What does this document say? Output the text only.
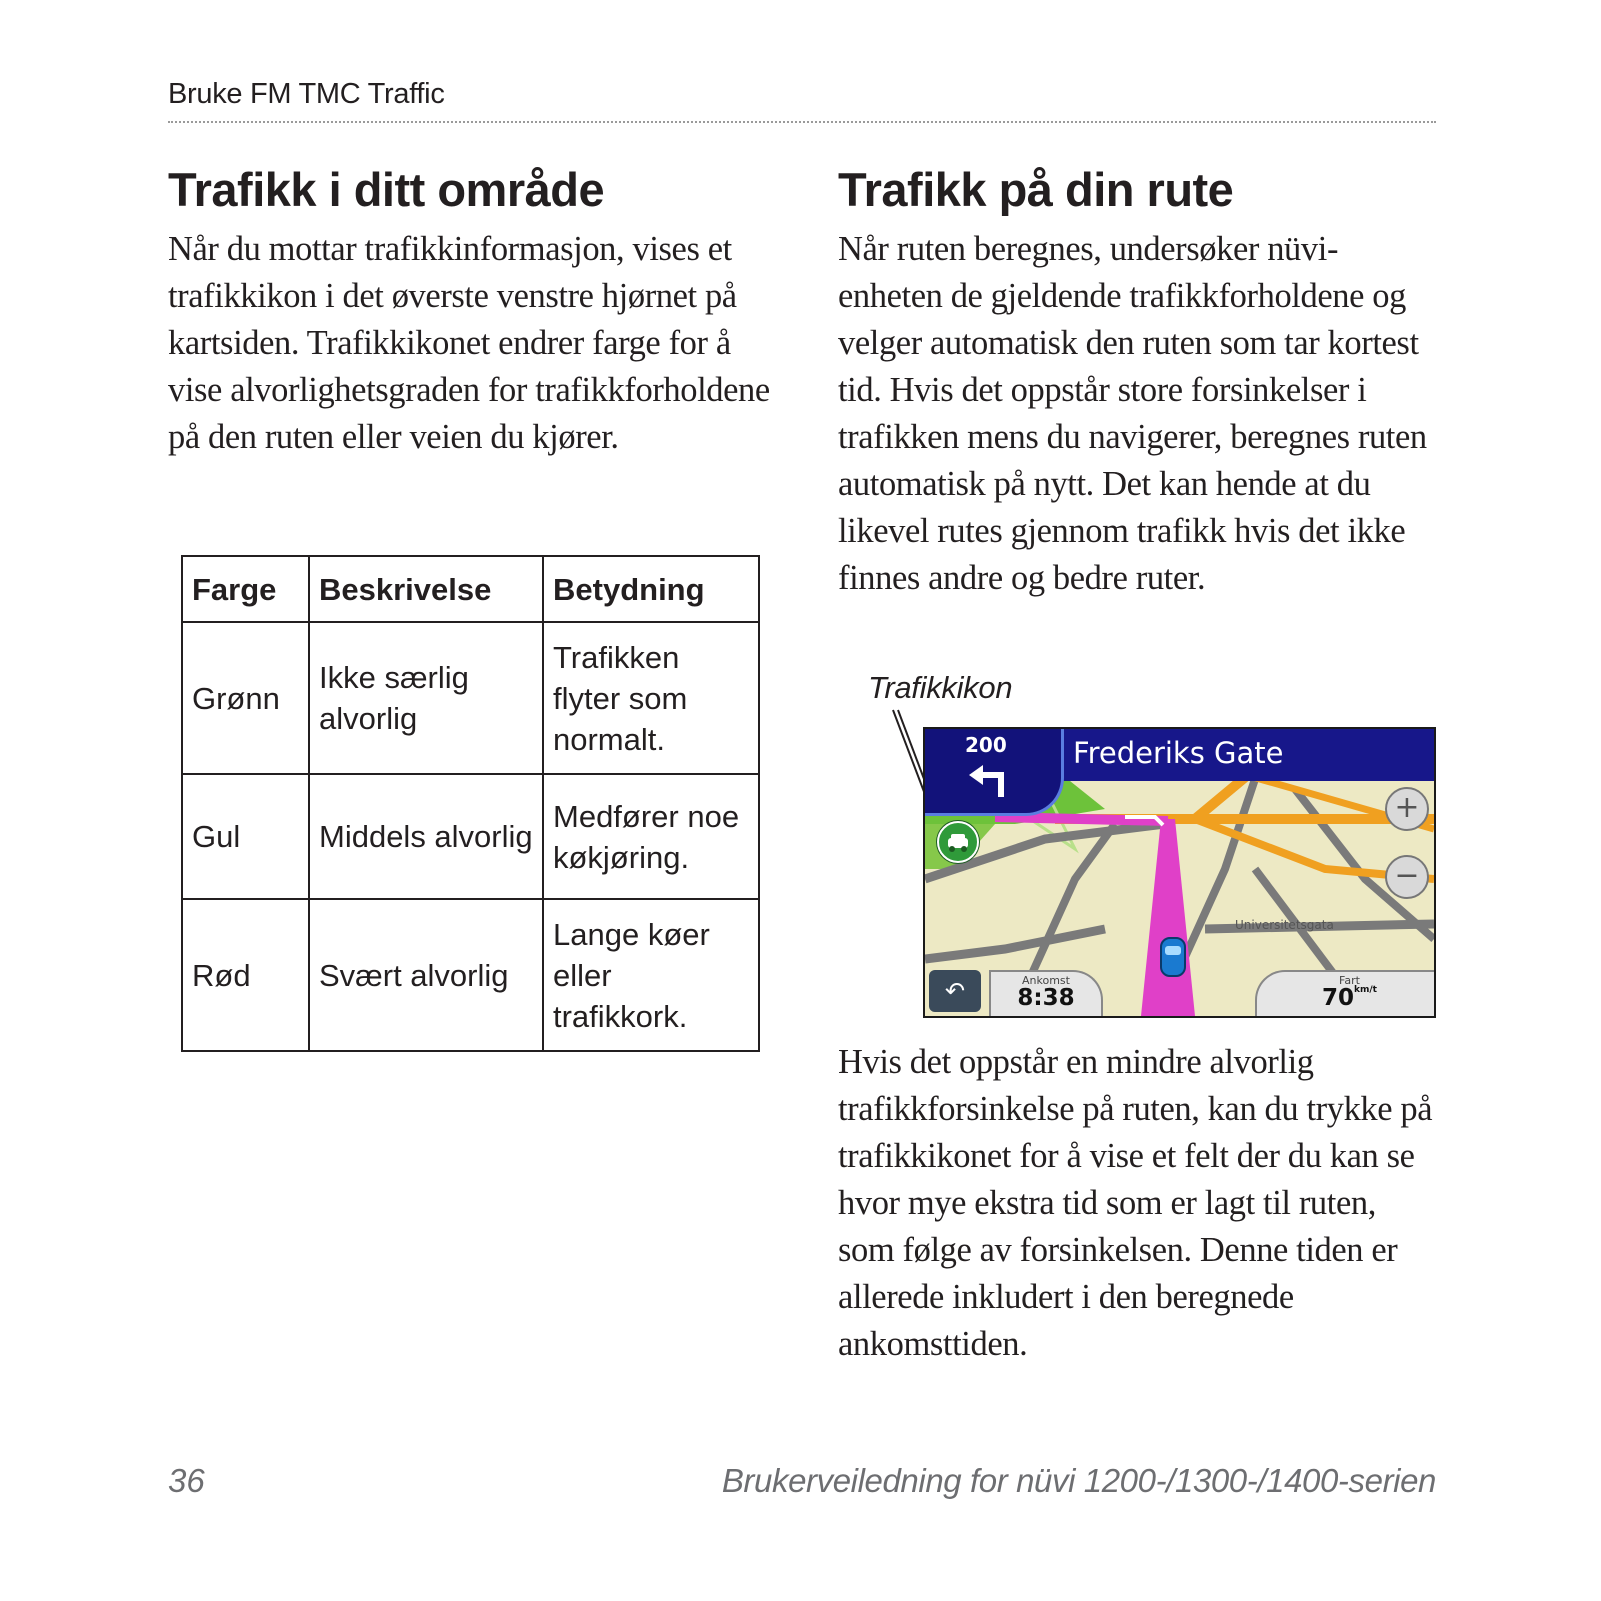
Bruke FM TMC Traffic
Trafikk i ditt område

Når du mottar trafikkinformasjon, vises et trafikkikon i det øverste venstre hjørnet på kartsiden. Trafikkikonet endrer farge for å vise alvorlighetsgraden for trafikkforholdene på den ruten eller veien du kjører.

Farge	Beskrivelse	Betydning
Grønn	Ikke særlig alvorlig	Trafikken flyter som normalt.
Gul	Middels alvorlig	Medfører noe køkjøring.
Rød	Svært alvorlig	Lange køer eller trafikkork.
Trafikk på din rute

Når ruten beregnes, undersøker nüvi-enheten de gjeldende trafikkforholdene og velger automatisk den ruten som tar kortest tid. Hvis det oppstår store forsinkelser i trafikken mens du navigerer, beregnes ruten automatisk på nytt. Det kan hende at du likevel rutes gjennom trafikk hvis det ikke finnes andre og bedre ruter.

Trafikkikon
Frederiks Gate
200
+
−
Universitetsgata
↶	Ankomst
8:38
Fart
$70^{km/t}$

Hvis det oppstår en mindre alvorlig trafikkforsinkelse på ruten, kan du trykke på trafikkikonet for å vise et felt der du kan se hvor mye ekstra tid som er lagt til ruten, som følge av forsinkelsen. Denne tiden er allerede inkludert i den beregnede ankomsttiden.

36	Brukerveiledning for nüvi 1200-/1300-/1400-serien
